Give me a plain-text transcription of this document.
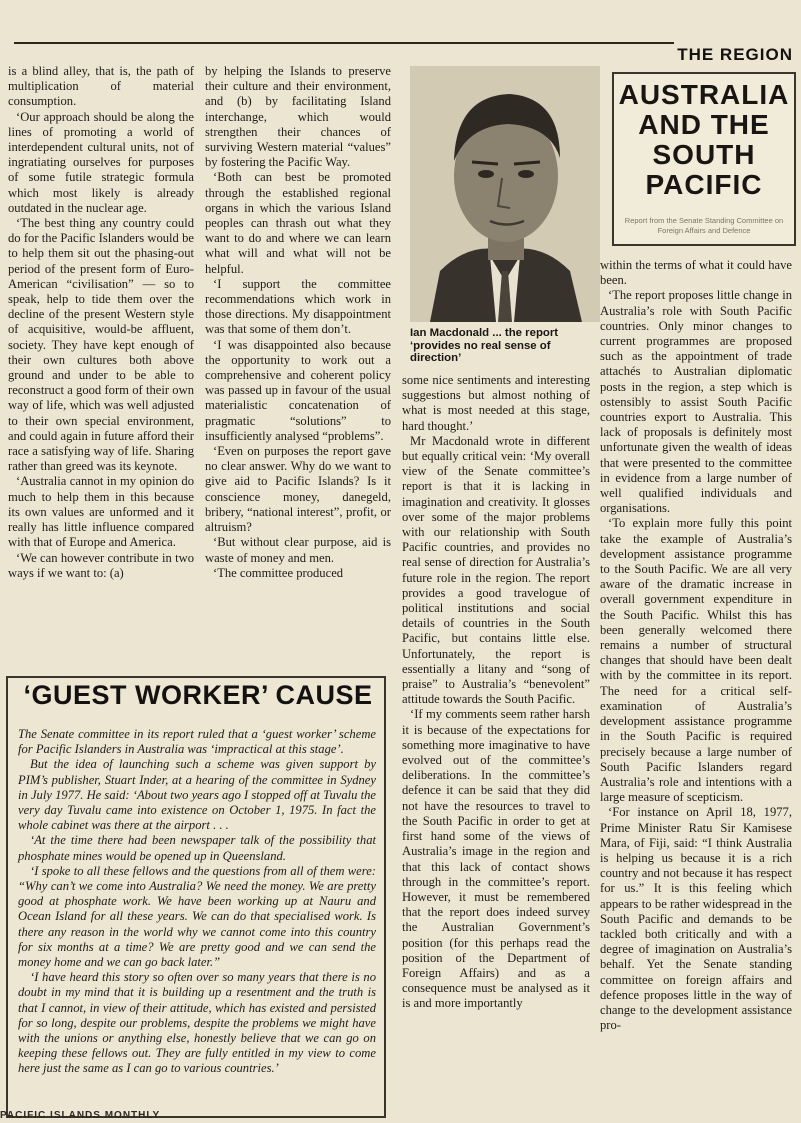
THE REGION

is a blind alley, that is, the path of multiplication of material consumption.

‘Our approach should be along the lines of promoting a world of interdependent cultural units, not of ingratiating ourselves for purposes of some futile strategic formula which most likely is already outdated in the nuclear age.

‘The best thing any country could do for the Pacific Islanders would be to help them sit out the phasing-out period of the present form of Euro-American “civilisation” — so to speak, help to tide them over the decline of the present Western style of acquisitive, would-be affluent, society. They have kept enough of their own cultures both above ground and under to be able to reconstruct a good form of their own way of life, which was well adjusted to their own special environment, and could again in future afford their race a satisfying way of life. Sharing rather than greed was its keynote.

‘Australia cannot in my opinion do much to help them in this because its own values are unformed and it really has little influence compared with that of Europe and America.

‘We can however contribute in two ways if we want to: (a)

by helping the Islands to preserve their culture and their environment, and (b) by facilitating Island interchange, which would strengthen their chances of surviving Western material “values” by fostering the Pacific Way.

‘Both can best be promoted through the established regional organs in which the various Island peoples can thrash out what they want to do and where we can learn what will and what will not be helpful.

‘I support the committee recommendations which work in those directions. My disappointment was that some of them don’t.

‘I was disappointed also because the opportunity to work out a comprehensive and coherent policy was passed up in favour of the usual materialistic concatenation of pragmatic “solutions” to insufficiently analysed “problems”.

‘Even on purposes the report gave no clear answer. Why do we want to give aid to Pacific Islands? Is it conscience money, danegeld, bribery, “national interest”, profit, or altruism?

‘But without clear purpose, aid is waste of money and men.

‘The committee produced

Ian Macdonald ... the report ‘provides no real sense of direction’
AUSTRALIA
AND THE
SOUTH
PACIFIC
Report from the Senate Standing Committee on Foreign Affairs and Defence

some nice sentiments and interesting suggestions but almost nothing of what is most needed at this stage, hard thought.’

Mr Macdonald wrote in different but equally critical vein: ‘My overall view of the Senate committee’s report is that it is lacking in imagination and creativity. It glosses over some of the major problems with our relationship with South Pacific countries, and provides no real sense of direction for Australia’s future role in the region. The report provides a good travelogue of political institutions and social details of countries in the South Pacific, but contains little else. Unfortunately, the report is essentially a litany and “song of praise” to Australia’s “benevolent” attitude towards the South Pacific.

‘If my comments seem rather harsh it is because of the expectations for something more imaginative to have evolved out of the committee’s deliberations. In the committee’s defence it can be said that they did not have the resources to travel to the South Pacific in order to get at first hand some of the views of Australia’s image in the region and that this lack of contact shows through in the committee’s report. However, it must be remembered that the report does indeed survey the Australian Government’s position (for this perhaps read the position of the Department of Foreign Affairs) and as a consequence must be analysed as it is and more importantly

within the terms of what it could have been.

‘The report proposes little change in Australia’s role with South Pacific countries. Only minor changes to current programmes are proposed such as the appointment of trade attachés to Australian diplomatic posts in the region, a step which is ostensibly to assist South Pacific countries export to Australia. This lack of proposals is definitely most unfortunate given the wealth of ideas that were presented to the committee in evidence from a large number of well qualified individuals and organisations.

‘To explain more fully this point take the example of Australia’s development assistance programme to the South Pacific. We are all very aware of the dramatic increase in overall government expenditure in the South Pacific. Whilst this has been generally welcomed there remains a number of structural changes that should have been dealt with by the committee in its report. The need for a critical self-examination of Australia’s development assistance programme in the South Pacific is required precisely because a large number of South Pacific Islanders regard Australia’s role and intentions with a large measure of scepticism.

‘For instance on April 18, 1977, Prime Minister Ratu Sir Kamisese Mara, of Fiji, said: “I think Australia is helping us because it is a rich country and not because it has respect for us.” It is this feeling which appears to be rather widespread in the South Pacific and demands to be tackled both critically and with a degree of imagination on Australia’s behalf. Yet the Senate standing committee on foreign affairs and defence proposes little in the way of change to the development assistance pro-

‘GUEST WORKER’ CAUSE

The Senate committee in its report ruled that a ‘guest worker’ scheme for Pacific Islanders in Australia was ‘impractical at this stage’.

But the idea of launching such a scheme was given support by PIM’s publisher, Stuart Inder, at a hearing of the committee in Sydney in July 1977. He said: ‘About two years ago I stopped off at Tuvalu the very day Tuvalu came into existence on October 1, 1975. In fact the whole cabinet was there at the airport . . .

‘At the time there had been newspaper talk of the possibility that phosphate mines would be opened up in Queensland.

‘I spoke to all these fellows and the questions from all of them were: “Why can’t we come into Australia? We need the money. We are pretty good at phosphate work. We have been working up at Nauru and Ocean Island for all these years. We can do that specialised work. Is there any reason in the world why we cannot come into this country for six months at a time? We are pretty good and we can send the money home and we can go back later.”

‘I have heard this story so often over so many years that there is no doubt in my mind that it is building up a resentment and the truth is that I cannot, in view of their attitude, which has existed and persisted for so long, despite our problems, despite the problems we might have with the unions or anything else, honestly believe that we can go on keeping these fellows out. They are fully entitled in my view to come here just the same as I can go to various countries.’

PACIFIC ISLANDS MONTHLY
